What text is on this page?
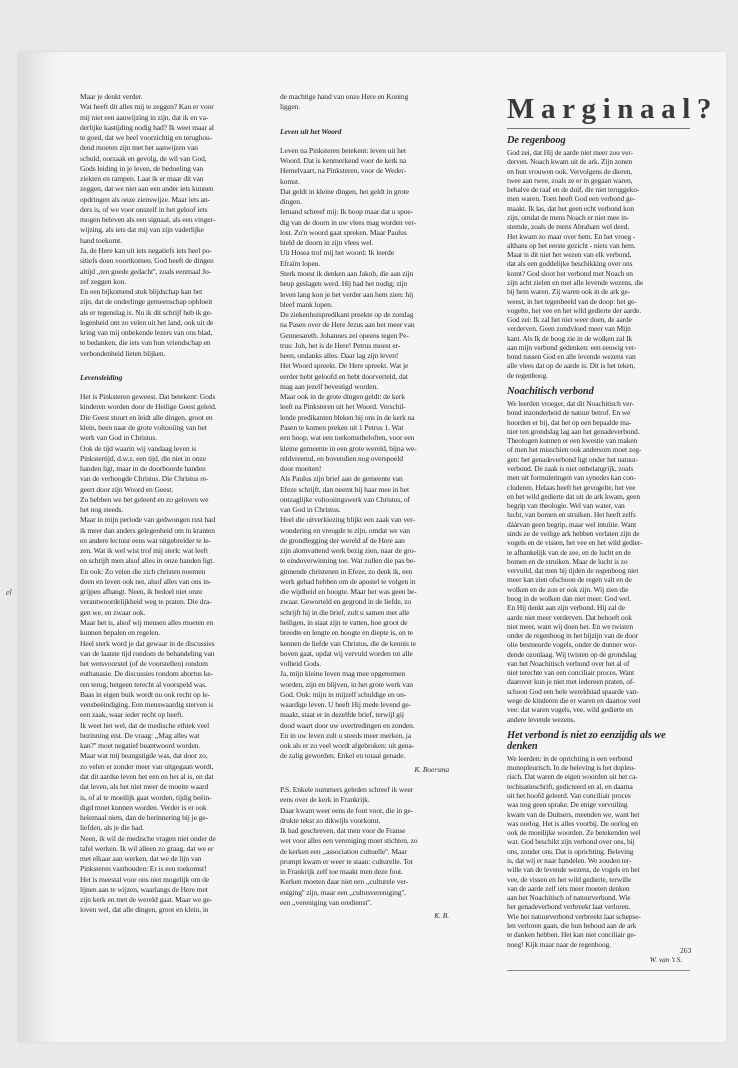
el
Maar je denkt verder.
Wat heeft dit alles mij te zeggen? Kan er voor
mij niet een aanwijzing in zijn, dat ik en va-
derlijke kastijding nodig had? Ik weet maar al
te goed, dat we heel voorzichtig en terughou-
dend moeten zijn met het aanwijzen van
schuld, oorzaak en gevolg, de wil van God,
Gods leiding in je leven, de bedoeling van
ziekten en rampen. Laat ik er maar dit van
zeggen, dat we niet aan een ander iets kunnen
opdringen als onze zienswijze. Maar iets an-
ders is, of we voor onszelf in het geloof iets
mogen beleven als een signaal, als een vinger-
wijzing, als iets dat mij van zijn vaderlijke
hand toekomt.
Ja, de Here kan uit iets negatiefs iets heel po-
sitiefs doen voortkomen. God heeft de dingen
altijd ,,ten goede gedacht'', zoals eenmaal Jo-
zef zeggen kon.
En een bijkomend stuk blijdschap kan het
zijn, dat de onderlinge gemeenschap opbloeit
als er tegenslag is. Nu ik dit schrijf heb ik ge-
legenheid om zo velen uit het land, ook uit de
kring van mij onbekende lezers van ons blad,
te bedanken, die iets van hun vriendschap en
verbondenheid lieten blijken.
Levensleiding
Het is Pinksteren geweest. Dat betekent: Gods
kinderen worden door de Heilige Geest geleid.
Die Geest stuurt en leidt alle dingen, groot en
klein, heen naar de grote voltooiing van het
werk van God in Christus.
Ook de tijd waarin wij vandaag leven is
Pinkstertijd, d.w.z. een tijd, die niet in onze
handen ligt, maar in de doorboorde handen
van de verhoogde Christus. Die Christus re-
geert door zijn Woord en Geest.
Zo hebben we het geleerd en zo geloven we
het nog steeds.
Maar in mijn periode van gedwongen rust had
ik meer dan anders gelegenheid om in kranten
en andere lectuur eens wat uitgebreider te le-
zen. Wat ik wel wist trof mij sterk: wat leeft
en schrijft men alsof alles in onze handen ligt.
En ook: Zo velen die zich christen noemen
doen en leven ook net, alsof alles van ons in-
grijpen afhangt. Neen, ik bedoel niet onze
verantwoordelijkheid weg te praten. Die dra-
gen we, en zwaar ook.
Maar het is, alsof wij mensen alles moeten en
kunnen bepalen en regelen.
Heel sterk word je dat gewaar in de discussies
van de laatste tijd rondom de behandeling van
het wetsvoorstel (of de voorstellen) rondom
euthanasie. De discussies rondom abortus ke-
ren terug, hetgeen terecht al voorspeld was.
Baas in eigen buik wordt nu ook recht op le-
vensbeëindiging. Een menswaardig sterven is
een zaak, waar ieder recht op heeft.
Ik weet het wel, dat de medische ethiek veel
bezinning eist. De vraag: ,,Mag alles wat
kan?'' moet negatief beantwoord worden.
Maar wat mij beangstigde was, dat door zo,
zo velen er zonder meer van uitgegaan wordt,
dat dit aardse leven het een en het al is, en dat
dat leven, als het niet meer de moeite waard
is, of al te moeilijk gaat worden, tijdig beëin-
digd moet kunnen worden. Verder is er ook
helemaal niets, dan de herinnering bij je ge-
liefden, als je die had.
Neen, ik wil de medische vragen niet onder de
tafel werken. Ik wil alleen zo graag, dat we er
met elkaar aan werken, dat we de lijn van
Pinksteren vasthouden: Er is een toekomst!
Het is meestal voor ons niet mogelijk om de
lijnen aan te wijzen, waarlangs de Here met
zijn kerk en met de wereld gaat. Maar we ge-
loven wel, dat alle dingen, groot en klein, in
de machtige hand van onze Here en Koning
liggen.
Leven uit het Woord
Leven na Pinksteren betekent: leven uit het
Woord. Dat is kenmerkend voor de kerk na
Hemelvaart, na Pinksteren, voor de Weder-
komst.
Dat geldt in kleine dingen, het geldt in grote
dingen.
Iemand schreef mij: Ik hoop maar dat u spoe-
dig van de doorn in uw vlees mag worden ver-
lost. Zo'n woord gaat spreken. Maar Paulus
hield de doorn in zijn vlees wel.
Uit Hosea trof mij het woord: Ik leerde
Efraïm lopen.
Sterk moest ik denken aan Jakob, die aan zijn
heup geslagen werd. Hij had het nodig; zijn
leven lang kon je het verder aan hem zien: hij
bleef mank lopen.
De ziekenhuispredikant preekte op de zondag
na Pasen over de Here Jezus aan het meer van
Gennesareth. Johannes zei opeens tegen Pe-
trus: Joh, het is de Here! Petrus moest er-
heen, ondanks alles. Daar lag zijn leven!
Het Woord spreekt. De Here spreekt. Wat je
eerder hebt geloofd en hebt doorverteld, dat
mag aan jezelf bevestigd worden.
Maar ook in de grote dingen geldt: de kerk
leeft na Pinksteren uit het Woord. Verschil-
lende predikanten bleken bij ons in de kerk na
Pasen te komen preken uit 1 Petrus 1. Wat
een hoop, wat een toekomstbeloften, voor een
kleine gemeente in een grote wereld, bijna we-
reldvreemd, en bovendien nog overspoeld
door moeiten!
Als Paulus zijn brief aan de gemeente van
Efeze schrijft, dan neemt hij haar mee in het
ontzaglijke voltooiingswerk van Christus, of
van God in Christus.
Heel die uitverkiezing blijkt een zaak van ver-
wondering en vreugde te zijn, omdat we van
de grondlegging der wereld af de Here aan
zijn alomvattend werk bezig zien, naar de gro-
te eindoverwinning toe. Wat zullen die pas be-
ginnende christenen in Efeze, zo denk ik, een
werk gehad hebben om de apostel te volgen in
die wijdheid en hoogte. Maar het was geen be-
zwaar. Geworteld en gegrond in de liefde, zo
schrijft hij in die brief, zult u samen met alle
heiligen, in staat zijn te vatten, hoe groot de
breedte en lengte en hoogte en diepte is, en te
kennen de liefde van Christus, die de kennis te
boven gaat, opdat wij vervuld worden tot alle
volheid Gods.
Ja, mijn kleine leven mag mee opgenomen
worden, zijn en blijven, in het grote werk van
God. Ook: mijn in mijzelf schuldige en on-
waardige leven. U heeft Hij mede levend ge-
maakt, staat er in dezelfde brief, terwijl gij
dood waart door uw overtredingen en zonden.
En in uw leven zult u steeds meer merken, ja
ook als er zo veel wordt afgebroken: uit gena-
de zalig geworden. Enkel en totaal genade.
K. Boersma
P.S. Enkele nummers geleden schreef ik weer
eens over de kerk in Frankrijk.
Daar kwam weer eens de fout voor, die in ge-
drukte tekst zo dikwijls voorkomt.
Ik had geschreven, dat men voor de Franse
wet voor alles een vereniging moet stichten, zo
de kerken een ,,association cultuelle''. Maar
prompt kwam er weer te staan: culturelle. Tot
in Frankrijk zelf toe maakt men deze fout.
Kerken moeten daar niet een ,,culturele ver-
eniging'' zijn, maar een ,,cultusvereniging'',
een ,,vereniging van eredienst''.
K. B.
Marginaal?
De regenboog
God zei, dat Hij de aarde niet meer zou ver-
derven. Noach kwam uit de ark. Zijn zonen
en hun vrouwen ook. Vervolgens de dieren,
twee aan twee, zoals ze er in gegaan waren,
behalve de raaf en de duif, die niet teruggeko-
men waren. Toen heeft God een verbond ge-
maakt. Ik las, dat het geen echt verbond kon
zijn, omdat de mens Noach er niet mee in-
stemde, zoals de mens Abraham wel deed.
Het kwam zo maar over hem. En het vroeg -
althans op het eerste gezicht - niets van hem.
Maar is dit niet het wezen van elk verbond,
dat als een goddelijke beschikking over ons
komt? God sloot het verbond met Noach en
zijn acht zielen en met alle levende wezens, die
bij hem waren. Zij waren ook in de ark ge-
weest, in het tegenbeeld van de doop: het ge-
vogelte, het vee en het wild gedierte der aarde.
God zei: Ik zal het niet weer doen, de aarde
verderven. Geen zondvloed meer van Mijn
kant. Als Ik de boog zie in de wolken zal Ik
aan mijn verbond gedenken: een eeuwig ver-
bond tussen God en alle levende wezens van
alle vlees dat op de aarde is: Dit is het teken,
de regenboog.
Noachitisch verbond
We leerden vroeger, dat dit Noachitisch ver-
bond inzonderheid de natuur betrof. En we
hoorden er bij, dat het op een bepaalde ma-
nier ten grondslag lag aan het genadeverbond.
Theologen kunnen er een kwestie van maken
of men het misschien ook andersom moet zeg-
gen: het genadeverbond ligt onder het natuur-
verbond. De zaak is niet onbelangrijk, zoals
men uit formuleringen van synodes kan con-
cluderen. Helaas heeft het gevogelte, het vee
en het wild gedierte dat uit de ark kwam, geen
begrip van theologie. Wel van water, van
lucht, van bomen en struiken. Het heeft zelfs
dáárvan geen begrip, maar wel intuïtie. Want
sinds ze de veilige ark hebben verlaten zijn de
vogels en de vissen, het vee en het wild gedier-
te afhankelijk van de zee, en de lucht en de
bomen en de struiken. Maar de lucht is zo
vervuild, dat men bij tijden de regenboog niet
meer kan zien ofschoon de regen valt en de
wolken en de zon er ook zijn. Wij zien die
boog in de wolken dan niet meer. God wel.
En Hij denkt aan zijn verbond. Hij zal de
aarde niet meer verderven. Dat behoeft ook
niet meer, want wij doen het. En we twisten
onder de regenboog in het bijzijn van de door
olie besmeurde vogels, onder de dunner wor-
dende ozonlaag. Wij twisten op de grondslag
van het Noachitisch verbond over het al of
niet terechte van een conciliair proces. Want
daarover kun je niet met iedereen praten, of-
schoon God een hele wereldstad spaarde van-
wege de kinderen die er waren en daartoe veel
vee: dat waren vogels, vee, wild gedierte en
andere levende wezens.
Het verbond is niet zo eenzijdig als we denken
We leerden: in de oprichting is een verbond
monopleurisch. In de beleving is het dupleu-
risch. Dat waren de eigen woorden uit het ca-
techisatieschrift, gedicteerd en al, en daarna
uit het hoofd geleerd. Van conciliair proces
was nog geen sprake. De enige vervuiling
kwam van de Duitsers, meenden we, want het
was oorlog. Het is alles voorbij. De oorlog en
ook de moeilijke woorden. Ze betekenden wel
wat. God beschikt zijn verbond over ons, bij
ons, zonder ons. Dat is oprichting. Beleving
is, dat wij er naar handelen. We zouden ter-
wille van de levende wezens, de vogels en het
vee, de vissen en het wild gedierte, terwille
van de aarde zelf iets meer moeten denken
aan het Noachitisch of natuurverbond. Wie
het genadeverbond verbreekt laat verloren.
Wie het natuurverbond verbreekt laat schepse-
len verloren gaan, die hun behoud aan de ark
te danken hebben. Het kan niet conciliair ge-
noeg! Kijk maar naar de regenboog.
W. van 't S.
263
